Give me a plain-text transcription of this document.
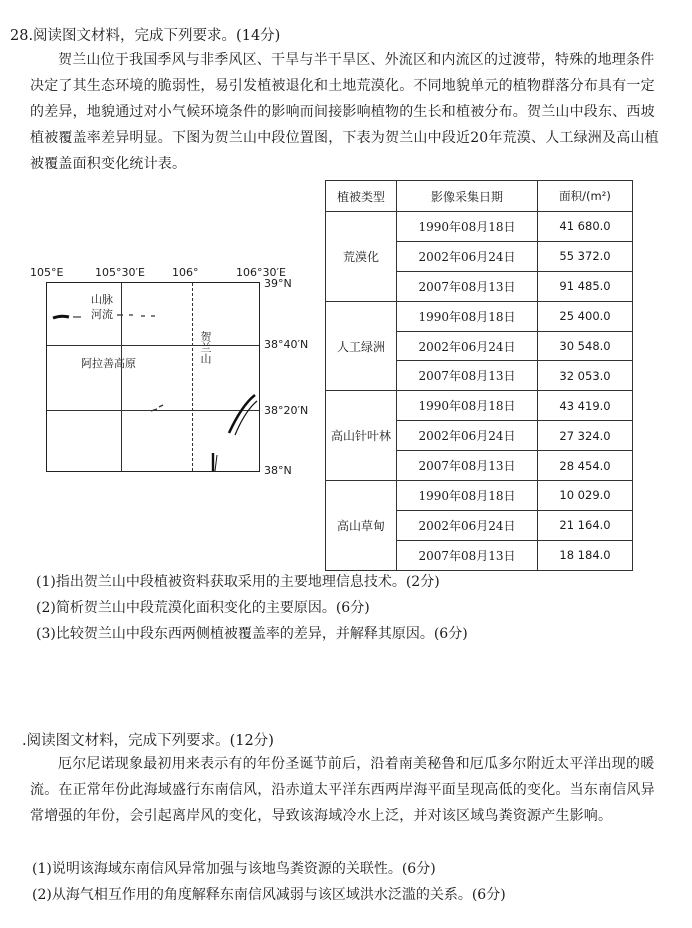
28.阅读图文材料，完成下列要求。(14分)
贺兰山位于我国季风与非季风区、干旱与半干旱区、外流区和内流区的过渡带，特殊的地理条件决定了其生态环境的脆弱性，易引发植被退化和土地荒漠化。不同地貌单元的植物群落分布具有一定的差异，地貌通过对小气候环境条件的影响而间接影响植物的生长和植被分布。贺兰山中段东、西坡植被覆盖率差异明显。下图为贺兰山中段位置图，下表为贺兰山中段近20年荒漠、人工绿洲及高山植被覆盖面积变化统计表。
105°E	105°30′E 106°	106°30′E
39°N
38°40′N
38°20′N
38°N
山脉
河流
阿拉善高原	贺兰山
植被类型	影像采集日期	面积/(m²)
荒漠化	1990年08月18日	41 680.0
	2002年06月24日	55 372.0
	2007年08月13日	91 485.0
人工绿洲	1990年08月18日	25 400.0
	2002年06月24日	30 548.0
	2007年08月13日	32 053.0
高山针叶林	1990年08月18日	43 419.0
	2002年06月24日	27 324.0
	2007年08月13日	28 454.0
高山草甸	1990年08月18日	10 029.0
	2002年06月24日	21 164.0
	2007年08月13日	18 184.0
(1)指出贺兰山中段植被资料获取采用的主要地理信息技术。(2分)
(2)简析贺兰山中段荒漠化面积变化的主要原因。(6分)
(3)比较贺兰山中段东西两侧植被覆盖率的差异，并解释其原因。(6分)
.阅读图文材料，完成下列要求。(12分)
厄尔尼诺现象最初用来表示有的年份圣诞节前后，沿着南美秘鲁和厄瓜多尔附近太平洋出现的暖流。在正常年份此海域盛行东南信风，沿赤道太平洋东西两岸海平面呈现高低的变化。当东南信风异常增强的年份，会引起离岸风的变化，导致该海域冷水上泛，并对该区域鸟粪资源产生影响。
(1)说明该海域东南信风异常加强与该地鸟粪资源的关联性。(6分)
(2)从海气相互作用的角度解释东南信风减弱与该区域洪水泛滥的关系。(6分)
